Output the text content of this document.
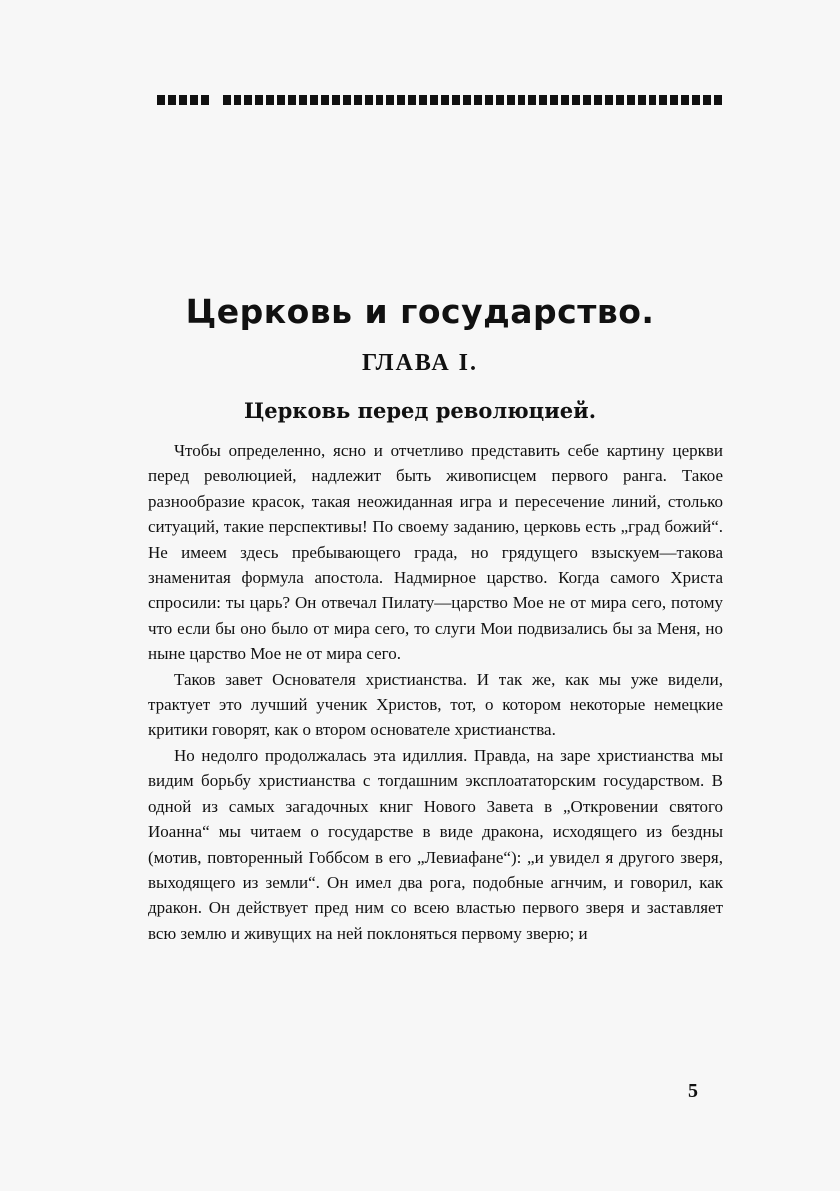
Церковь и государство.
ГЛАВА I.
Церковь перед революцией.

Чтобы определенно, ясно и отчетливо представить себе картину церкви перед революцией, надлежит быть живописцем первого ранга. Такое разнообразие красок, такая неожиданная игра и пересечение линий, столько ситуаций, такие перспективы! По своему заданию, церковь есть „град божий“. Не имеем здесь пребывающего града, но грядущего взыскуем—такова знаменитая формула апостола. Надмирное царство. Когда самого Христа спросили: ты царь? Он отвечал Пилату—царство Мое не от мира сего, потому что если бы оно было от мира сего, то слуги Мои подвизались бы за Меня, но ныне царство Мое не от мира сего.

Таков завет Основателя христианства. И так же, как мы уже видели, трактует это лучший ученик Христов, тот, о котором некоторые немецкие критики говорят, как о втором основателе христианства.

Но недолго продолжалась эта идиллия. Правда, на заре христианства мы видим борьбу христианства с тогдашним эксплоататорским государством. В одной из самых загадочных книг Нового Завета в „Откровении святого Иоанна“ мы читаем о государстве в виде дракона, исходящего из бездны (мотив, повторенный Гоббсом в его „Левиафане“): „и увидел я другого зверя, выходящего из земли“. Он имел два рога, подобные агнчим, и говорил, как дракон. Он действует пред ним со всею властью первого зверя и заставляет всю землю и живущих на ней поклоняться первому зверю; и

5
